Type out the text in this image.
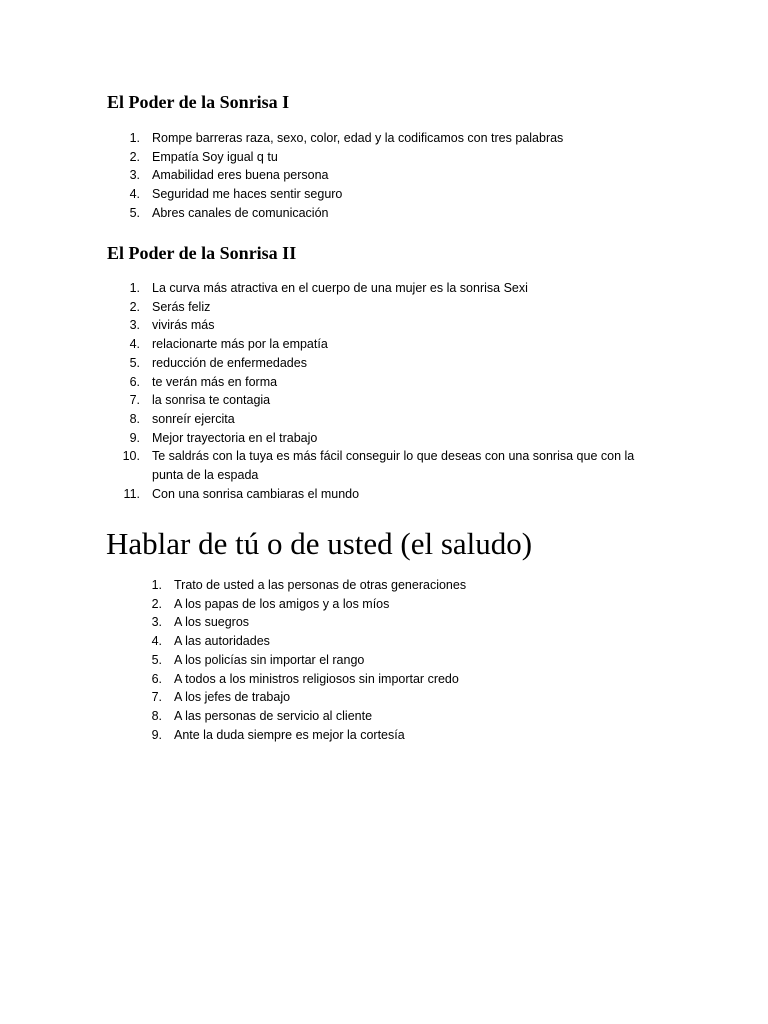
El Poder de la Sonrisa I
1. Rompe barreras raza, sexo, color, edad y la codificamos con tres palabras
2. Empatía Soy igual q tu
3. Amabilidad eres buena persona
4. Seguridad me haces sentir seguro
5. Abres canales de comunicación
El Poder de la Sonrisa II
1. La curva más atractiva en el cuerpo de una mujer es la sonrisa Sexi
2. Serás feliz
3. vivirás más
4. relacionarte más por la empatía
5. reducción de enfermedades
6. te verán más en forma
7. la sonrisa te contagia
8. sonreír ejercita
9. Mejor trayectoria en el trabajo
10. Te saldrás con la tuya es más fácil conseguir lo que deseas con una sonrisa que con la punta de la espada
11. Con una sonrisa cambiaras el mundo
Hablar de tú o de usted (el saludo)
1. Trato de usted a las personas de otras generaciones
2. A los papas de los amigos y a los míos
3. A los suegros
4. A las autoridades
5. A los policías sin importar el rango
6. A todos a los ministros religiosos sin importar credo
7. A los jefes de trabajo
8. A las personas de servicio al cliente
9. Ante la duda siempre es mejor la cortesía
